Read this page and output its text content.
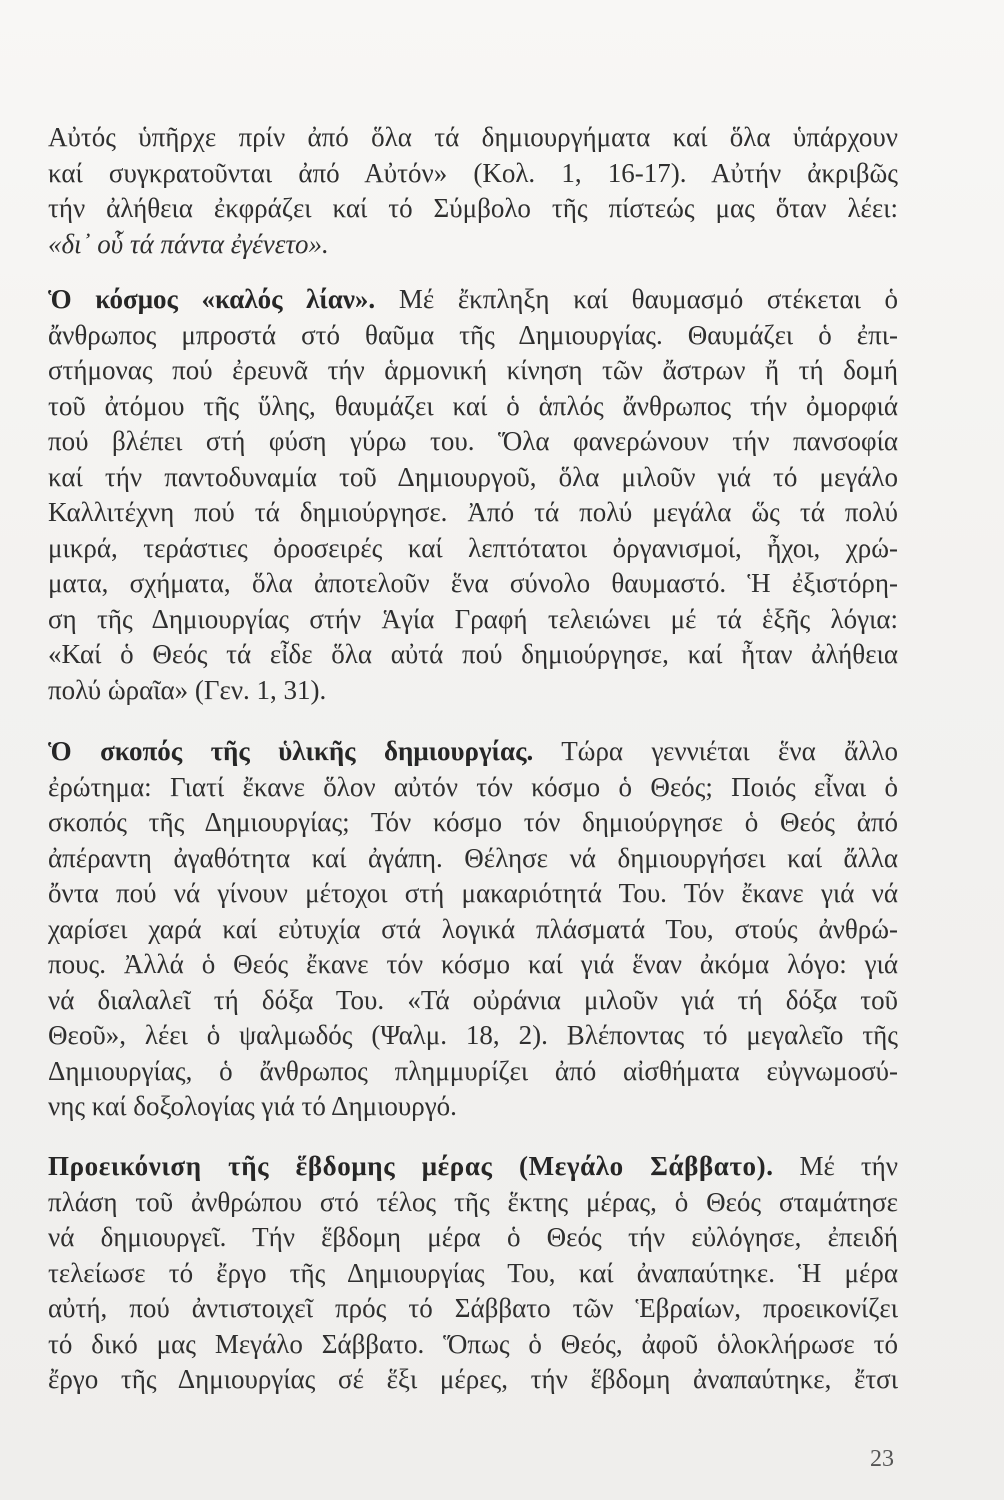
Αὐτός ὑπῆρχε πρίν ἀπό ὅλα τά δημιουργήματα καί ὅλα ὑπάρχουν
καί συγκρατοῦνται ἀπό Αὐτόν» (Κολ. 1, 16-17). Αὐτήν ἀκριβῶς
τήν ἀλήθεια ἐκφράζει καί τό Σύμβολο τῆς πίστεώς μας ὅταν λέει:
«δι᾽ οὗ τά πάντα ἐγένετο».
Ὁ κόσμος «καλός λίαν». Μέ ἔκπληξη καί θαυμασμό στέκεται ὁ
ἄνθρωπος μπροστά στό θαῦμα τῆς Δημιουργίας. Θαυμάζει ὁ ἐπι-
στήμονας πού ἐρευνᾶ τήν ἁρμονική κίνηση τῶν ἄστρων ἤ τή δομή
τοῦ ἀτόμου τῆς ὕλης, θαυμάζει καί ὁ ἁπλός ἄνθρωπος τήν ὀμορφιά
πού βλέπει στή φύση γύρω του. Ὅλα φανερώνουν τήν πανσοφία
καί τήν παντοδυναμία τοῦ Δημιουργοῦ, ὅλα μιλοῦν γιά τό μεγάλο
Καλλιτέχνη πού τά δημιούργησε. Ἀπό τά πολύ μεγάλα ὥς τά πολύ
μικρά, τεράστιες ὀροσειρές καί λεπτότατοι ὀργανισμοί, ἦχοι, χρώ-
ματα, σχήματα, ὅλα ἀποτελοῦν ἕνα σύνολο θαυμαστό. Ἡ ἐξιστόρη-
ση τῆς Δημιουργίας στήν Ἁγία Γραφή τελειώνει μέ τά ἑξῆς λόγια:
«Καί ὁ Θεός τά εἶδε ὅλα αὐτά πού δημιούργησε, καί ἦταν ἀλήθεια
πολύ ὡραῖα» (Γεν. 1, 31).
Ὁ σκοπός τῆς ὑλικῆς δημιουργίας. Τώρα γεννιέται ἕνα ἄλλο
ἐρώτημα: Γιατί ἔκανε ὅλον αὐτόν τόν κόσμο ὁ Θεός; Ποιός εἶναι ὁ
σκοπός τῆς Δημιουργίας; Τόν κόσμο τόν δημιούργησε ὁ Θεός ἀπό
ἀπέραντη ἀγαθότητα καί ἀγάπη. Θέλησε νά δημιουργήσει καί ἄλλα
ὄντα πού νά γίνουν μέτοχοι στή μακαριότητά Του. Τόν ἔκανε γιά νά
χαρίσει χαρά καί εὐτυχία στά λογικά πλάσματά Του, στούς ἀνθρώ-
πους. Ἀλλά ὁ Θεός ἔκανε τόν κόσμο καί γιά ἕναν ἀκόμα λόγο: γιά
νά διαλαλεῖ τή δόξα Του. «Τά οὐράνια μιλοῦν γιά τή δόξα τοῦ
Θεοῦ», λέει ὁ ψαλμωδός (Ψαλμ. 18, 2). Βλέποντας τό μεγαλεῖο τῆς
Δημιουργίας, ὁ ἄνθρωπος πλημμυρίζει ἀπό αἰσθήματα εὐγνωμοσύ-
νης καί δοξολογίας γιά τό Δημιουργό.
Προεικόνιση τῆς ἕβδομης μέρας (Μεγάλο Σάββατο). Μέ τήν
πλάση τοῦ ἀνθρώπου στό τέλος τῆς ἕκτης μέρας, ὁ Θεός σταμάτησε
νά δημιουργεῖ. Τήν ἕβδομη μέρα ὁ Θεός τήν εὐλόγησε, ἐπειδή
τελείωσε τό ἔργο τῆς Δημιουργίας Του, καί ἀναπαύτηκε. Ἡ μέρα
αὐτή, πού ἀντιστοιχεῖ πρός τό Σάββατο τῶν Ἑβραίων, προεικονίζει
τό δικό μας Μεγάλο Σάββατο. Ὅπως ὁ Θεός, ἀφοῦ ὁλοκλήρωσε τό
ἔργο τῆς Δημιουργίας σέ ἕξι μέρες, τήν ἕβδομη ἀναπαύτηκε, ἔτσι
23
